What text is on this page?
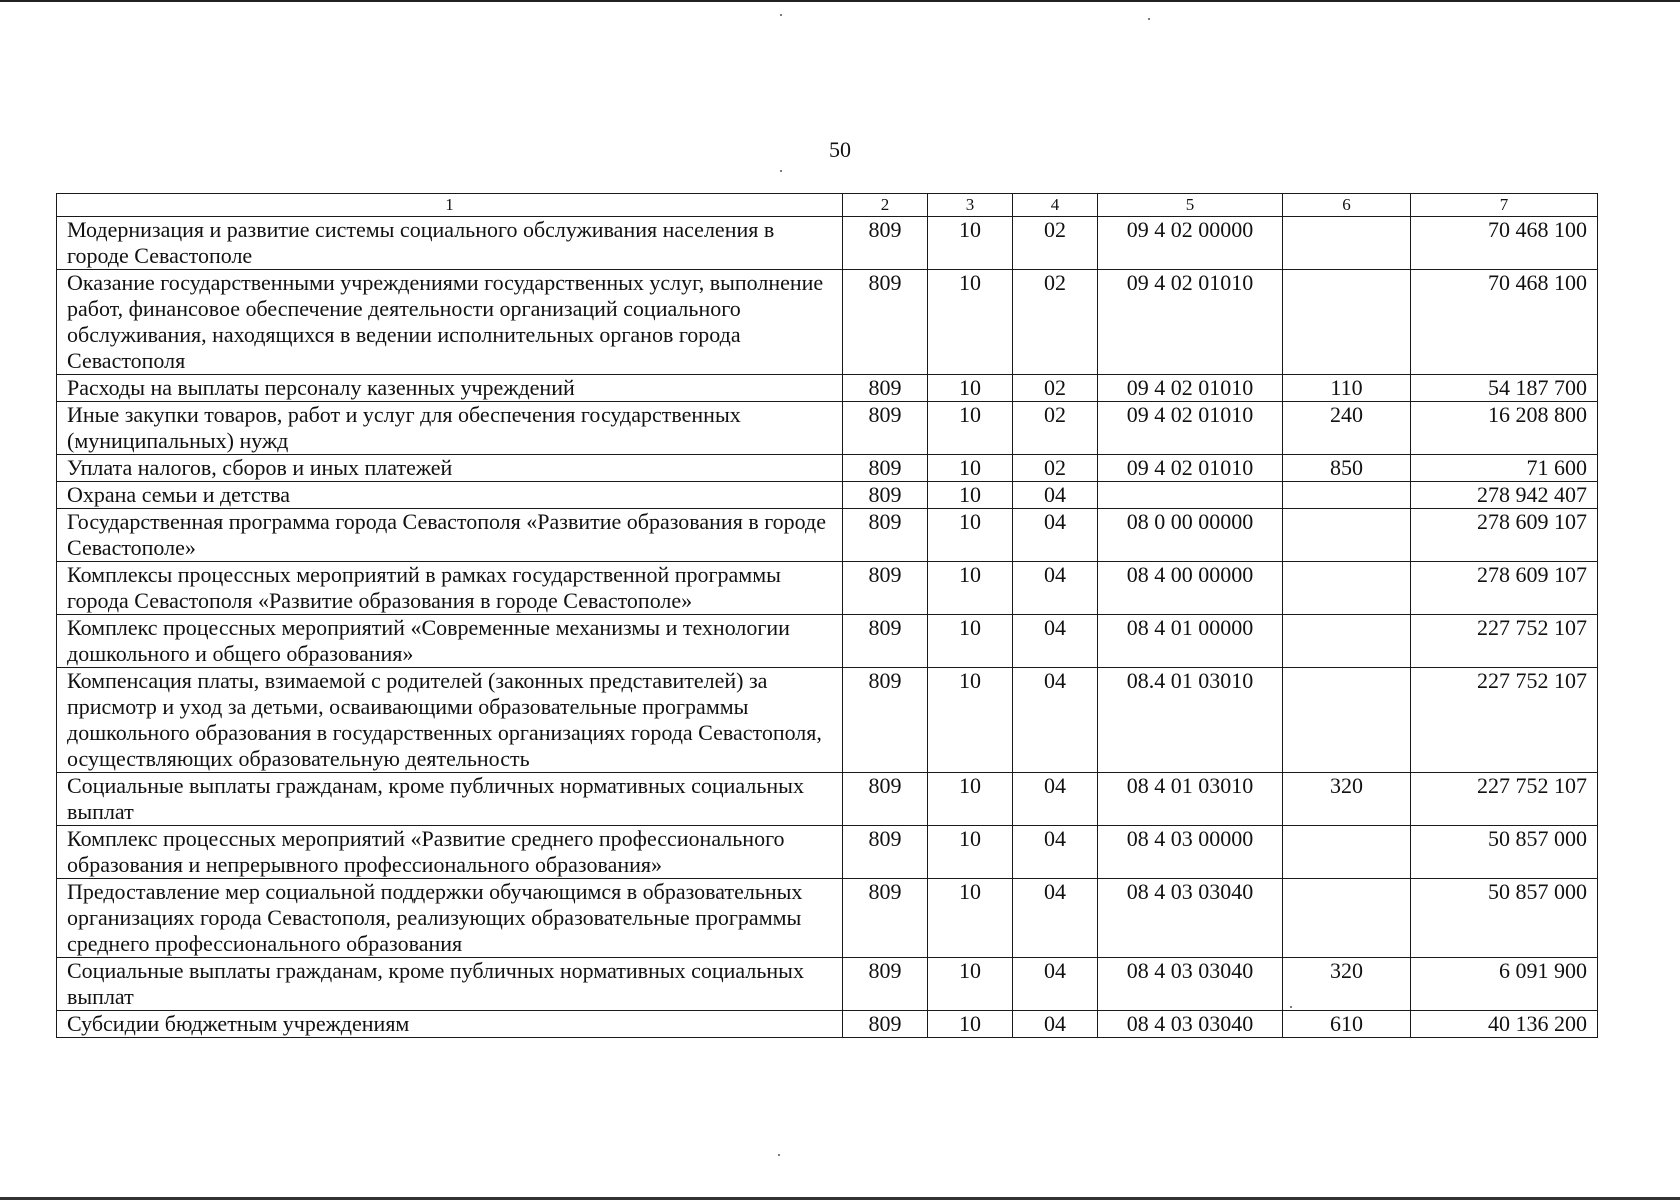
50
1	2	3	4	5	6	7
Модернизация и развитие системы социального обслуживания населения в городе Севастополе	809	10	02	09 4 02 00000		70 468 100
Оказание государственными учреждениями государственных услуг, выполнение работ, финансовое обеспечение деятельности организаций социального обслуживания, находящихся в ведении исполнительных органов города Севастополя	809	10	02	09 4 02 01010		70 468 100
Расходы на выплаты персоналу казенных учреждений	809	10	02	09 4 02 01010	110	54 187 700
Иные закупки товаров, работ и услуг для обеспечения государственных (муниципальных) нужд	809	10	02	09 4 02 01010	240	16 208 800
Уплата налогов, сборов и иных платежей	809	10	02	09 4 02 01010	850	71 600
Охрана семьи и детства	809	10	04			278 942 407
Государственная программа города Севастополя «Развитие образования в городе Севастополе»	809	10	04	08 0 00 00000		278 609 107
Комплексы процессных мероприятий в рамках государственной программы города Севастополя «Развитие образования в городе Севастополе»	809	10	04	08 4 00 00000		278 609 107
Комплекс процессных мероприятий «Современные механизмы и технологии дошкольного и общего образования»	809	10	04	08 4 01 00000		227 752 107
Компенсация платы, взимаемой с родителей (законных представителей) за присмотр и уход за детьми, осваивающими образовательные программы дошкольного образования в государственных организациях города Севастополя, осуществляющих образовательную деятельность	809	10	04	08.4 01 03010		227 752 107
Социальные выплаты гражданам, кроме публичных нормативных социальных выплат	809	10	04	08 4 01 03010	320	227 752 107
Комплекс процессных мероприятий «Развитие среднего профессионального образования и непрерывного профессионального образования»	809	10	04	08 4 03 00000		50 857 000
Предоставление мер социальной поддержки обучающимся в образовательных организациях города Севастополя, реализующих образовательные программы среднего профессионального образования	809	10	04	08 4 03 03040		50 857 000
Социальные выплаты гражданам, кроме публичных нормативных социальных выплат	809	10	04	08 4 03 03040	320	6 091 900
Субсидии бюджетным учреждениям	809	10	04	08 4 03 03040	610	40 136 200
